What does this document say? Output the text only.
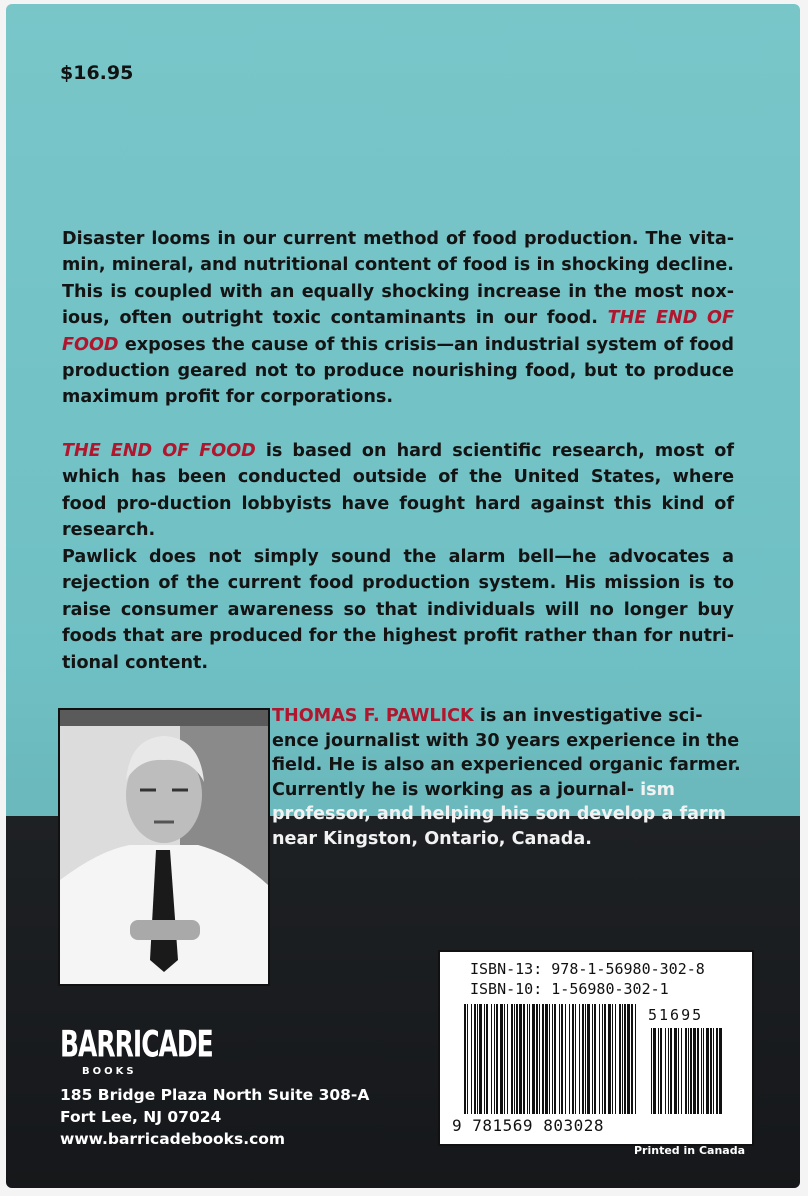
$16.95

Disaster looms in our current method of food production. The vita-min, mineral, and nutritional content of food is in shocking decline. This is coupled with an equally shocking increase in the most nox-ious, often outright toxic contaminants in our food. THE END OF FOOD exposes the cause of this crisis—an industrial system of food production geared not to produce nourishing food, but to produce maximum profit for corporations.

THE END OF FOOD is based on hard scientific research, most of which has been conducted outside of the United States, where food pro-duction lobbyists have fought hard against this kind of research.

Pawlick does not simply sound the alarm bell—he advocates a rejection of the current food production system. His mission is to raise consumer awareness so that individuals will no longer buy foods that are produced for the highest profit rather than for nutri-tional content.

THOMAS F. PAWLICK is an investigative sci-ence journalist with 30 years experience in the field. He is also an experienced organic farmer. Currently he is working as a journal- ism professor, and helping his son develop a farm near Kingston, Ontario, Canada.

BARRICADE
BOOKS
185 Bridge Plaza North Suite 308-A
Fort Lee, NJ 07024
www.barricadebooks.com
ISBN-13: 978-1-56980-302-8
ISBN-10: 1-56980-302-1
51695
9 781569 803028
Printed in Canada
